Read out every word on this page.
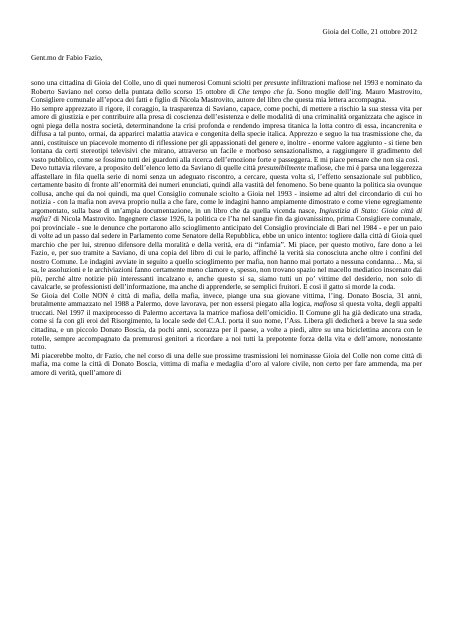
Gioia del Colle, 21 ottobre 2012
Gent.mo dr Fabio Fazio,

sono una cittadina di Gioia del Colle, uno di quei numerosi Comuni sciolti per presunte infiltrazioni mafiose nel 1993 e nominato da Roberto Saviano nel corso della puntata dello scorso 15 ottobre di Che tempo che fa. Sono moglie dell’ing. Mauro Mastrovito, Consigliere comunale all’epoca dei fatti e figlio di Nicola Mastrovito, autore del libro che questa mia lettera accompagna.

Ho sempre apprezzato il rigore, il coraggio, la trasparenza di Saviano, capace, come pochi, di mettere a rischio la sua stessa vita per amore di giustizia e per contribuire alla presa di coscienza dell’esistenza e delle modalità di una criminalità organizzata che agisce in ogni piega della nostra società, determinandone la crisi profonda e rendendo impresa titanica la lotta contro di essa, incancrenita e diffusa a tal punto, ormai, da apparirci malattia atavica e congenita della specie italica. Apprezzo e seguo la tua trasmissione che, da anni, costituisce un piacevole momento di riflessione per gli appassionati del genere e, inoltre - enorme valore aggiunto - si tiene ben lontana da certi stereotipi televisivi che mirano, attraverso un facile e morboso sensazionalismo, a raggiungere il gradimento del vasto pubblico, come se fossimo tutti dei guardoni alla ricerca dell’emozione forte e passeggera. E mi piace pensare che non sia così.

Devo tuttavia rilevare, a proposito dell’elenco letto da Saviano di quelle città presumibilmente mafiose, che mi è parsa una leggerezza affastellare in fila quella serie di nomi senza un adeguato riscontro, a cercare, questa volta sì, l’effetto sensazionale sul pubblico, certamente basito di fronte all’enormità dei numeri enunciati, quindi alla vastità del fenomeno. So bene quanto la politica sia ovunque collusa, anche qui da noi quindi, ma quel Consiglio comunale sciolto a Gioia nel 1993 - insieme ad altri del circondario di cui ho notizia - con la mafia non aveva proprio nulla a che fare, come le indagini hanno ampiamente dimostrato e come viene egregiamente argomentato, sulla base di un’ampia documentazione, in un libro che da quella vicenda nasce, Ingiustizia di Stato: Gioia città di mafia? di Nicola Mastrovito. Ingegnere classe 1926, la politica ce l’ha nel sangue fin da giovanissimo, prima Consigliere comunale, poi provinciale - sue le denunce che portarono allo scioglimento anticipato del Consiglio provinciale di Bari nel 1984 - e per un paio di volte ad un passo dal sedere in Parlamento come Senatore della Repubblica, ebbe un unico intento: togliere dalla città di Gioia quel marchio che per lui, strenuo difensore della moralità e della verità, era di “infamia”. Mi piace, per questo motivo, fare dono a lei Fazio, e, per suo tramite a Saviano, di una copia del libro di cui le parlo, affinché la verità sia conosciuta anche oltre i confini del nostro Comune. Le indagini avviate in seguito a quello scioglimento per mafia, non hanno mai portato a nessuna condanna… Ma, si sa, le assoluzioni e le archiviazioni fanno certamente meno clamore e, spesso, non trovano spazio nel macello mediatico inscenato dai più, perché altre notizie più interessanti incalzano e, anche questo si sa, siamo tutti un po’ vittime del desiderio, non solo di cavalcarle, se professionisti dell’informazione, ma anche di apprenderle, se semplici fruitori. E così il gatto si morde la coda.

Se Gioia del Colle NON è città di mafia, della mafia, invece, piange una sua giovane vittima, l’ing. Donato Boscia, 31 anni, brutalmente ammazzato nel 1988 a Palermo, dove lavorava, per non essersi piegato alla logica, mafiosa sì questa volta, degli appalti truccati. Nel 1997 il maxiprocesso di Palermo accertava la matrice mafiosa dell’omicidio. Il Comune gli ha già dedicato una strada, come si fa con gli eroi del Risorgimento, la locale sede del C.A.I. porta il suo nome, l’Ass. Libera gli dedicherà a breve la sua sede cittadina, e un piccolo Donato Boscia, da pochi anni, scorazza per il paese, a volte a piedi, altre su una biciclettina ancora con le rotelle, sempre accompagnato da premurosi genitori a ricordare a noi tutti la prepotente forza della vita e dell’amore, nonostante tutto.

Mi piacerebbe molto, dr Fazio, che nel corso di una delle sue prossime trasmissioni lei nominasse Gioia del Colle non come città di mafia, ma come la città di Donato Boscia, vittima di mafia e medaglia d’oro al valore civile, non certo per fare ammenda, ma per amore di verità, quell’amore di
